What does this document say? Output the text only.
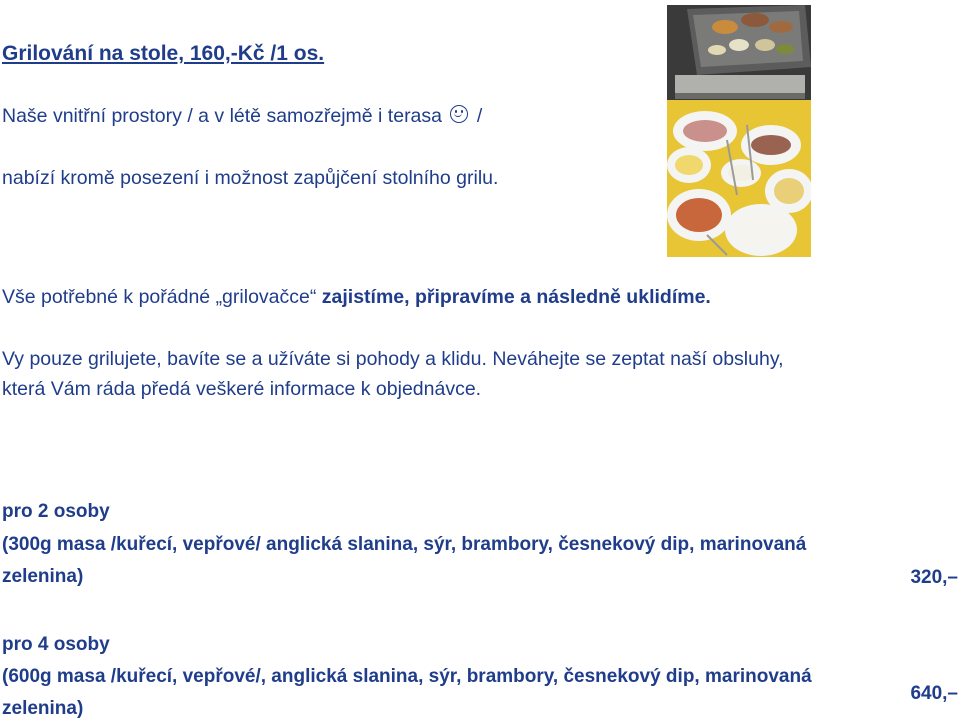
Grilování na stole, 160,-Kč /1 os.
Naše vnitřní prostory / a v létě samozřejmě i terasa /
nabízí kromě posezení i možnost zapůjčení stolního grilu.
Vše potřebné k pořádné „grilovačce“ zajistíme, připravíme a následně uklidíme.
Vy pouze grilujete, bavíte se a užíváte si pohody a klidu. Neváhejte se zeptat naší obsluhy,
která Vám ráda předá veškeré informace k objednávce.
pro 2 osoby
(300g masa /kuřecí, vepřové/ anglická slanina, sýr, brambory, česnekový dip, marinovaná
zelenina)	320,–
pro 4 osoby
(600g masa /kuřecí, vepřové/, anglická slanina, sýr, brambory, česnekový dip, marinovaná
zelenina)
640,–
